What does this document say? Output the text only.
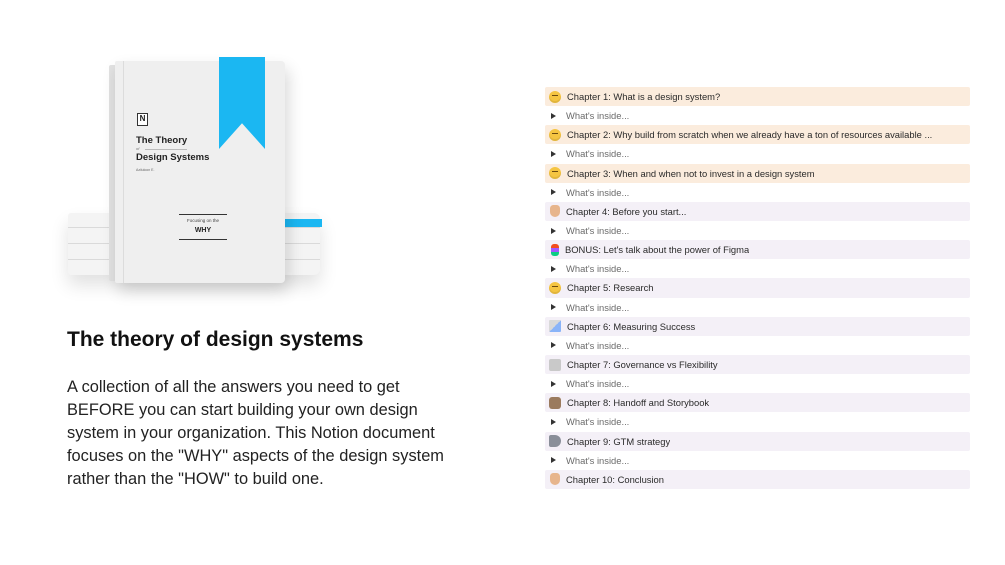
N
The Theory
of
Design Systems
Aziiuloon E.
Focusing on the
WHY
The theory of design systems
A collection of all the answers you need to get
BEFORE you can start building your own design
system in your organization. This Notion document
focuses on the "WHY" aspects of the design system
rather than the "HOW" to build one.
Chapter 1: What is a design system?
What's inside...
Chapter 2: Why build from scratch when we already have a ton of resources available ...
What's inside...
Chapter 3: When and when not to invest in a design system
What's inside...
Chapter 4: Before you start...
What's inside...
BONUS: Let's talk about the power of Figma
What's inside...
Chapter 5: Research
What's inside...
Chapter 6: Measuring Success
What's inside...
Chapter 7: Governance vs Flexibility
What's inside...
Chapter 8: Handoff and Storybook
What's inside...
Chapter 9: GTM strategy
What's inside...
Chapter 10: Conclusion
